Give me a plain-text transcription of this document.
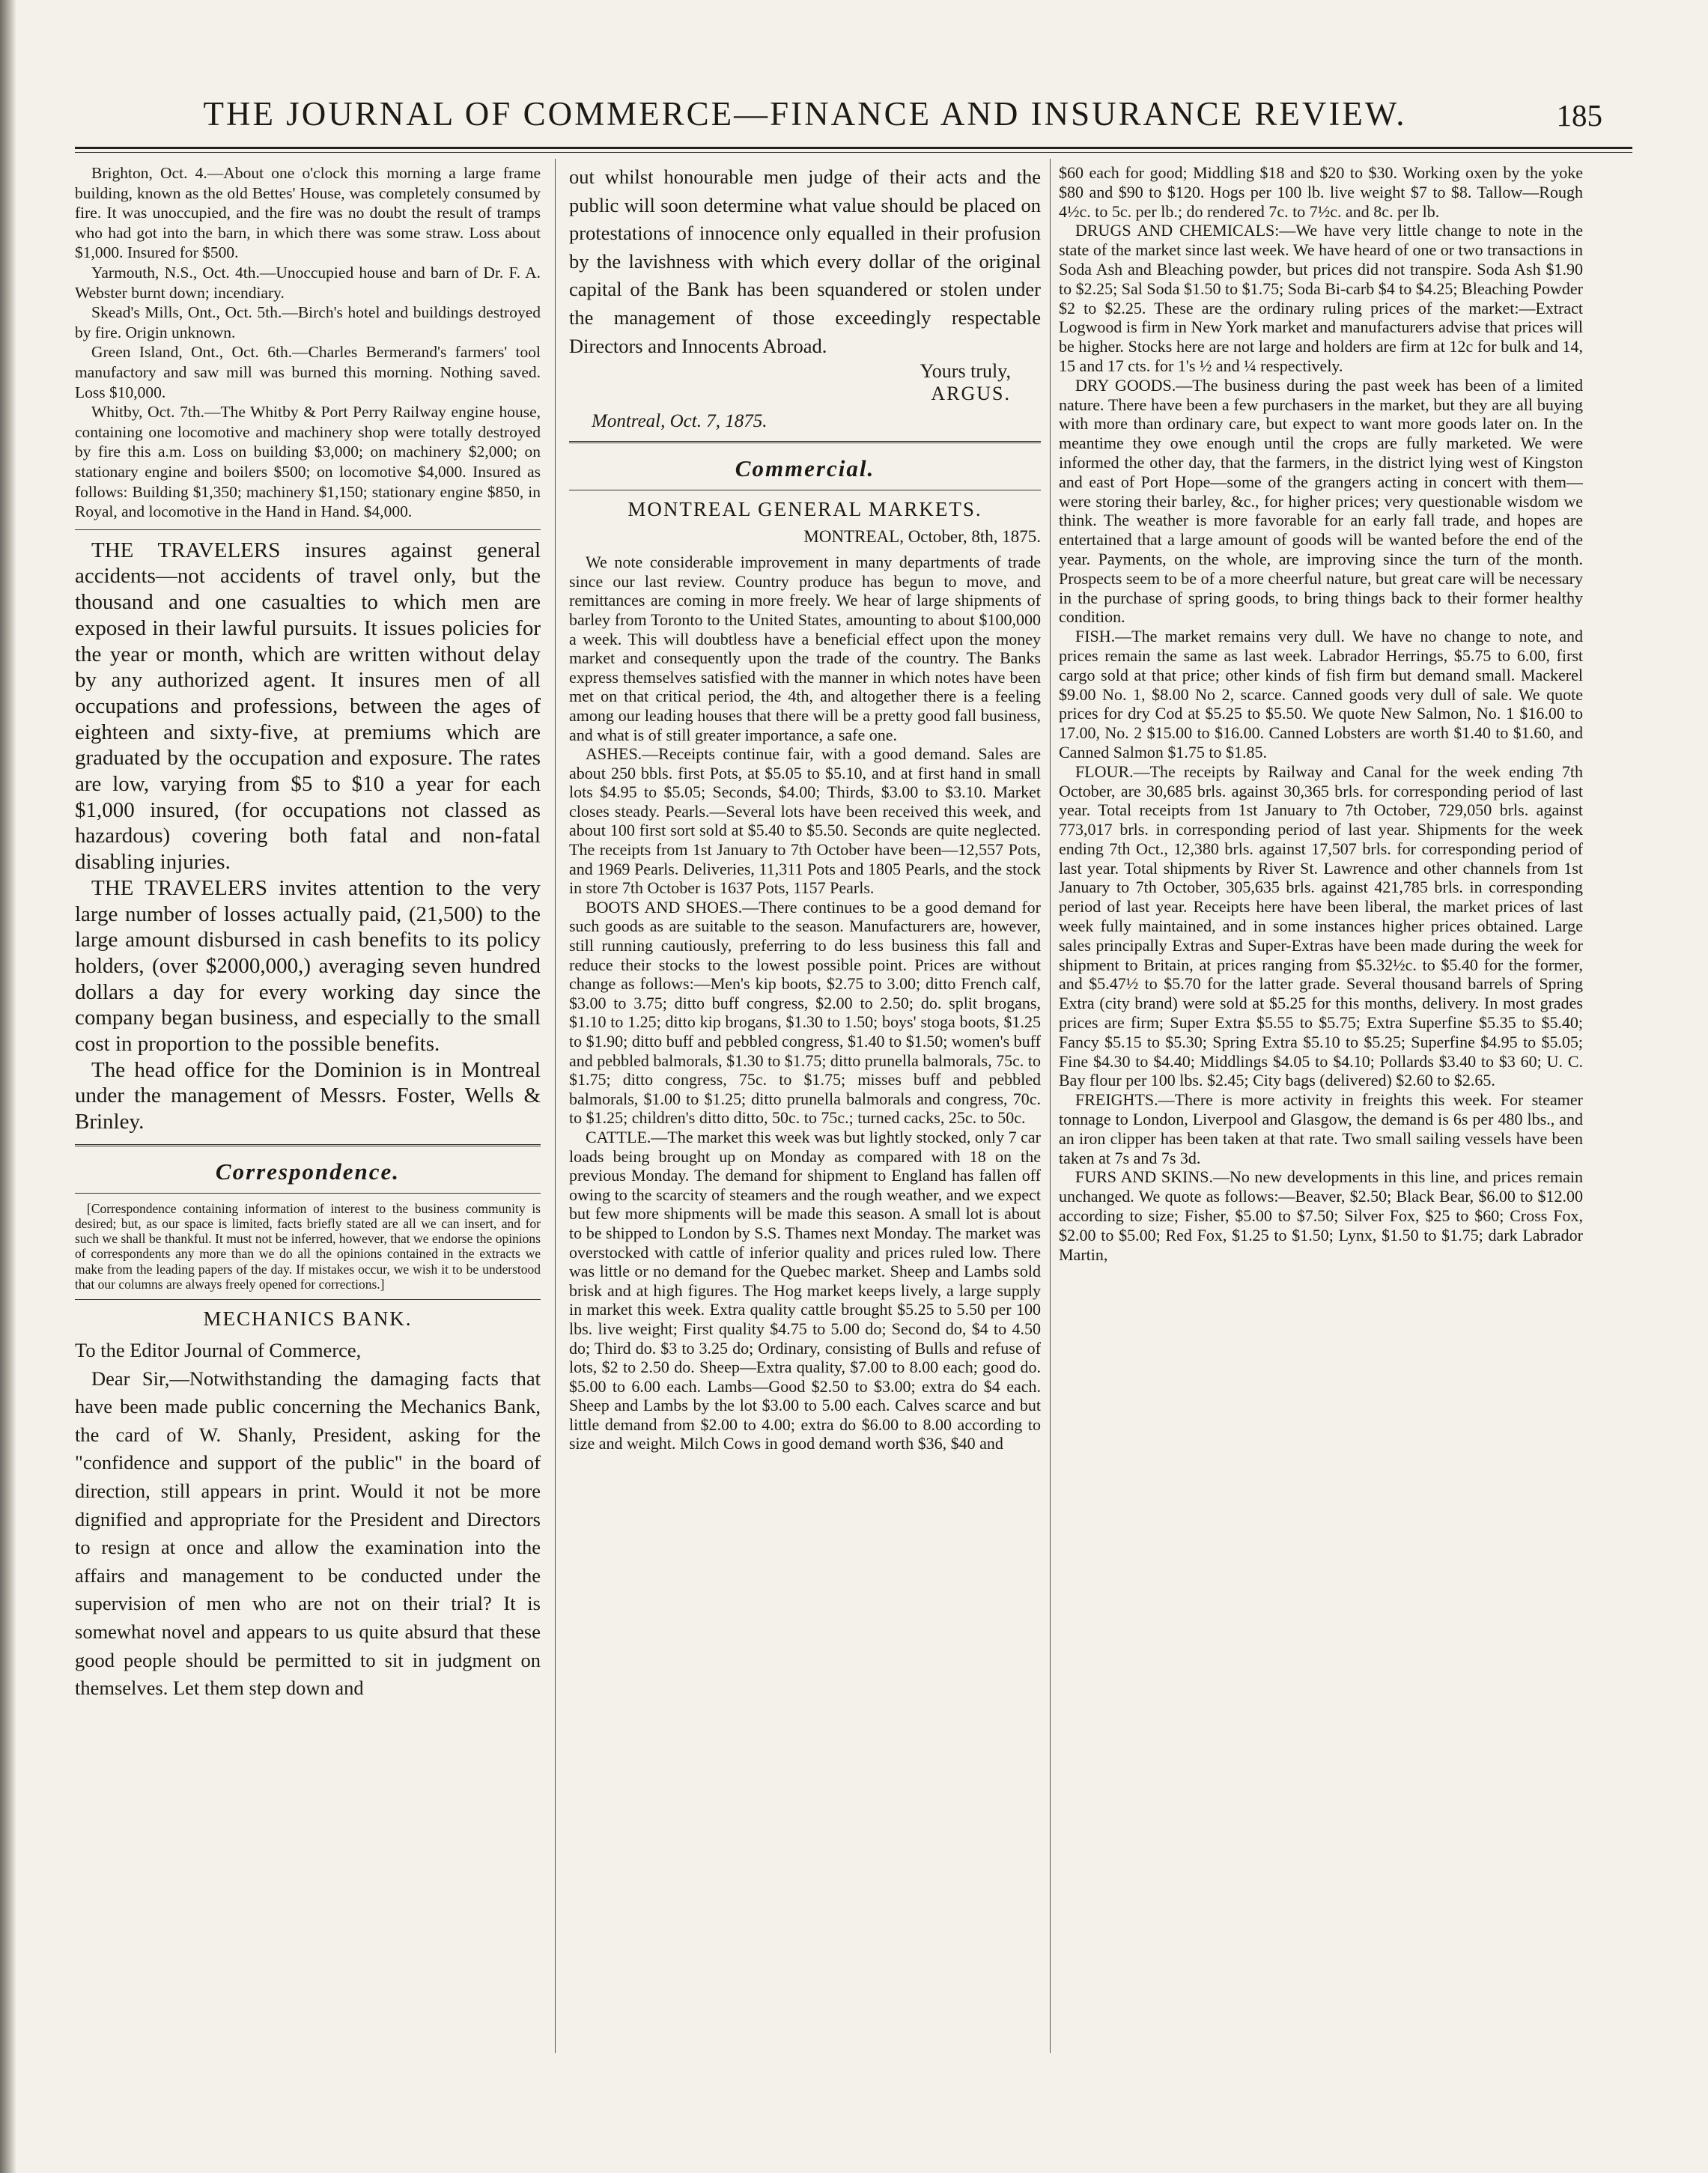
THE JOURNAL OF COMMERCE—FINANCE AND INSURANCE REVIEW.	185

Brighton, Oct. 4.—About one o'clock this morning a large frame building, known as the old Bettes' House, was completely consumed by fire. It was unoccupied, and the fire was no doubt the result of tramps who had got into the barn, in which there was some straw. Loss about $1,000. Insured for $500.

Yarmouth, N.S., Oct. 4th.—Unoccupied house and barn of Dr. F. A. Webster burnt down; incendiary.

Skead's Mills, Ont., Oct. 5th.—Birch's hotel and buildings destroyed by fire. Origin unknown.

Green Island, Ont., Oct. 6th.—Charles Bermerand's farmers' tool manufactory and saw mill was burned this morning. Nothing saved. Loss $10,000.

Whitby, Oct. 7th.—The Whitby & Port Perry Railway engine house, containing one locomotive and machinery shop were totally destroyed by fire this a.m. Loss on building $3,000; on machinery $2,000; on stationary engine and boilers $500; on locomotive $4,000. Insured as follows: Building $1,350; machinery $1,150; stationary engine $850, in Royal, and locomotive in the Hand in Hand. $4,000.

THE TRAVELERS insures against general accidents—not accidents of travel only, but the thousand and one casualties to which men are exposed in their lawful pursuits. It issues policies for the year or month, which are written without delay by any authorized agent. It insures men of all occupations and professions, between the ages of eighteen and sixty-five, at premiums which are graduated by the occupation and exposure. The rates are low, varying from $5 to $10 a year for each $1,000 insured, (for occupations not classed as hazardous) covering both fatal and non-fatal disabling injuries.

THE TRAVELERS invites attention to the very large number of losses actually paid, (21,500) to the large amount disbursed in cash benefits to its policy holders, (over $2000,000,) averaging seven hundred dollars a day for every working day since the company began business, and especially to the small cost in proportion to the possible benefits.

The head office for the Dominion is in Montreal under the management of Messrs. Foster, Wells & Brinley.

Correspondence.

[Correspondence containing information of interest to the business community is desired; but, as our space is limited, facts briefly stated are all we can insert, and for such we shall be thankful. It must not be inferred, however, that we endorse the opinions of correspondents any more than we do all the opinions contained in the extracts we make from the leading papers of the day. If mistakes occur, we wish it to be understood that our columns are always freely opened for corrections.]

MECHANICS BANK.

To the Editor Journal of Commerce,

Dear Sir,—Notwithstanding the damaging facts that have been made public concerning the Mechanics Bank, the card of W. Shanly, President, asking for the "confidence and support of the public" in the board of direction, still appears in print. Would it not be more dignified and appropriate for the President and Directors to resign at once and allow the examination into the affairs and management to be conducted under the supervision of men who are not on their trial? It is somewhat novel and appears to us quite absurd that these good people should be permitted to sit in judgment on themselves. Let them step down and

out whilst honourable men judge of their acts and the public will soon determine what value should be placed on protestations of innocence only equalled in their profusion by the lavishness with which every dollar of the original capital of the Bank has been squandered or stolen under the management of those exceedingly respectable Directors and Innocents Abroad.

Yours truly,
ARGUS.
Montreal, Oct. 7, 1875.
Commercial.
MONTREAL GENERAL MARKETS.
MONTREAL, October, 8th, 1875.

We note considerable improvement in many departments of trade since our last review. Country produce has begun to move, and remittances are coming in more freely. We hear of large shipments of barley from Toronto to the United States, amounting to about $100,000 a week. This will doubtless have a beneficial effect upon the money market and consequently upon the trade of the country. The Banks express themselves satisfied with the manner in which notes have been met on that critical period, the 4th, and altogether there is a feeling among our leading houses that there will be a pretty good fall business, and what is of still greater importance, a safe one.

ASHES.—Receipts continue fair, with a good demand. Sales are about 250 bbls. first Pots, at $5.05 to $5.10, and at first hand in small lots $4.95 to $5.05; Seconds, $4.00; Thirds, $3.00 to $3.10. Market closes steady. Pearls.—Several lots have been received this week, and about 100 first sort sold at $5.40 to $5.50. Seconds are quite neglected. The receipts from 1st January to 7th October have been—12,557 Pots, and 1969 Pearls. Deliveries, 11,311 Pots and 1805 Pearls, and the stock in store 7th October is 1637 Pots, 1157 Pearls.

BOOTS AND SHOES.—There continues to be a good demand for such goods as are suitable to the season. Manufacturers are, however, still running cautiously, preferring to do less business this fall and reduce their stocks to the lowest possible point. Prices are without change as follows:—Men's kip boots, $2.75 to 3.00; ditto French calf, $3.00 to 3.75; ditto buff congress, $2.00 to 2.50; do. split brogans, $1.10 to 1.25; ditto kip brogans, $1.30 to 1.50; boys' stoga boots, $1.25 to $1.90; ditto buff and pebbled congress, $1.40 to $1.50; women's buff and pebbled balmorals, $1.30 to $1.75; ditto prunella balmorals, 75c. to $1.75; ditto congress, 75c. to $1.75; misses buff and pebbled balmorals, $1.00 to $1.25; ditto prunella balmorals and congress, 70c. to $1.25; children's ditto ditto, 50c. to 75c.; turned cacks, 25c. to 50c.

CATTLE.—The market this week was but lightly stocked, only 7 car loads being brought up on Monday as compared with 18 on the previous Monday. The demand for shipment to England has fallen off owing to the scarcity of steamers and the rough weather, and we expect but few more shipments will be made this season. A small lot is about to be shipped to London by S.S. Thames next Monday. The market was overstocked with cattle of inferior quality and prices ruled low. There was little or no demand for the Quebec market. Sheep and Lambs sold brisk and at high figures. The Hog market keeps lively, a large supply in market this week. Extra quality cattle brought $5.25 to 5.50 per 100 lbs. live weight; First quality $4.75 to 5.00 do; Second do, $4 to 4.50 do; Third do. $3 to 3.25 do; Ordinary, consisting of Bulls and refuse of lots, $2 to 2.50 do. Sheep—Extra quality, $7.00 to 8.00 each; good do. $5.00 to 6.00 each. Lambs—Good $2.50 to $3.00; extra do $4 each. Sheep and Lambs by the lot $3.00 to 5.00 each. Calves scarce and but little demand from $2.00 to 4.00; extra do $6.00 to 8.00 according to size and weight. Milch Cows in good demand worth $36, $40 and

$60 each for good; Middling $18 and $20 to $30. Working oxen by the yoke $80 and $90 to $120. Hogs per 100 lb. live weight $7 to $8. Tallow—Rough 4½c. to 5c. per lb.; do rendered 7c. to 7½c. and 8c. per lb.

DRUGS AND CHEMICALS:—We have very little change to note in the state of the market since last week. We have heard of one or two transactions in Soda Ash and Bleaching powder, but prices did not transpire. Soda Ash $1.90 to $2.25; Sal Soda $1.50 to $1.75; Soda Bi-carb $4 to $4.25; Bleaching Powder $2 to $2.25. These are the ordinary ruling prices of the market:—Extract Logwood is firm in New York market and manufacturers advise that prices will be higher. Stocks here are not large and holders are firm at 12c for bulk and 14, 15 and 17 cts. for 1's ½ and ¼ respectively.

DRY GOODS.—The business during the past week has been of a limited nature. There have been a few purchasers in the market, but they are all buying with more than ordinary care, but expect to want more goods later on. In the meantime they owe enough until the crops are fully marketed. We were informed the other day, that the farmers, in the district lying west of Kingston and east of Port Hope—some of the grangers acting in concert with them—were storing their barley, &c., for higher prices; very questionable wisdom we think. The weather is more favorable for an early fall trade, and hopes are entertained that a large amount of goods will be wanted before the end of the year. Payments, on the whole, are improving since the turn of the month. Prospects seem to be of a more cheerful nature, but great care will be necessary in the purchase of spring goods, to bring things back to their former healthy condition.

FISH.—The market remains very dull. We have no change to note, and prices remain the same as last week. Labrador Herrings, $5.75 to 6.00, first cargo sold at that price; other kinds of fish firm but demand small. Mackerel $9.00 No. 1, $8.00 No 2, scarce. Canned goods very dull of sale. We quote prices for dry Cod at $5.25 to $5.50. We quote New Salmon, No. 1 $16.00 to 17.00, No. 2 $15.00 to $16.00. Canned Lobsters are worth $1.40 to $1.60, and Canned Salmon $1.75 to $1.85.

FLOUR.—The receipts by Railway and Canal for the week ending 7th October, are 30,685 brls. against 30,365 brls. for corresponding period of last year. Total receipts from 1st January to 7th October, 729,050 brls. against 773,017 brls. in corresponding period of last year. Shipments for the week ending 7th Oct., 12,380 brls. against 17,507 brls. for corresponding period of last year. Total shipments by River St. Lawrence and other channels from 1st January to 7th October, 305,635 brls. against 421,785 brls. in corresponding period of last year. Receipts here have been liberal, the market prices of last week fully maintained, and in some instances higher prices obtained. Large sales principally Extras and Super-Extras have been made during the week for shipment to Britain, at prices ranging from $5.32½c. to $5.40 for the former, and $5.47½ to $5.70 for the latter grade. Several thousand barrels of Spring Extra (city brand) were sold at $5.25 for this months, delivery. In most grades prices are firm; Super Extra $5.55 to $5.75; Extra Superfine $5.35 to $5.40; Fancy $5.15 to $5.30; Spring Extra $5.10 to $5.25; Superfine $4.95 to $5.05; Fine $4.30 to $4.40; Middlings $4.05 to $4.10; Pollards $3.40 to $3 60; U. C. Bay flour per 100 lbs. $2.45; City bags (delivered) $2.60 to $2.65.

FREIGHTS.—There is more activity in freights this week. For steamer tonnage to London, Liverpool and Glasgow, the demand is 6s per 480 lbs., and an iron clipper has been taken at that rate. Two small sailing vessels have been taken at 7s and 7s 3d.

FURS AND SKINS.—No new developments in this line, and prices remain unchanged. We quote as follows:—Beaver, $2.50; Black Bear, $6.00 to $12.00 according to size; Fisher, $5.00 to $7.50; Silver Fox, $25 to $60; Cross Fox, $2.00 to $5.00; Red Fox, $1.25 to $1.50; Lynx, $1.50 to $1.75; dark Labrador Martin,
